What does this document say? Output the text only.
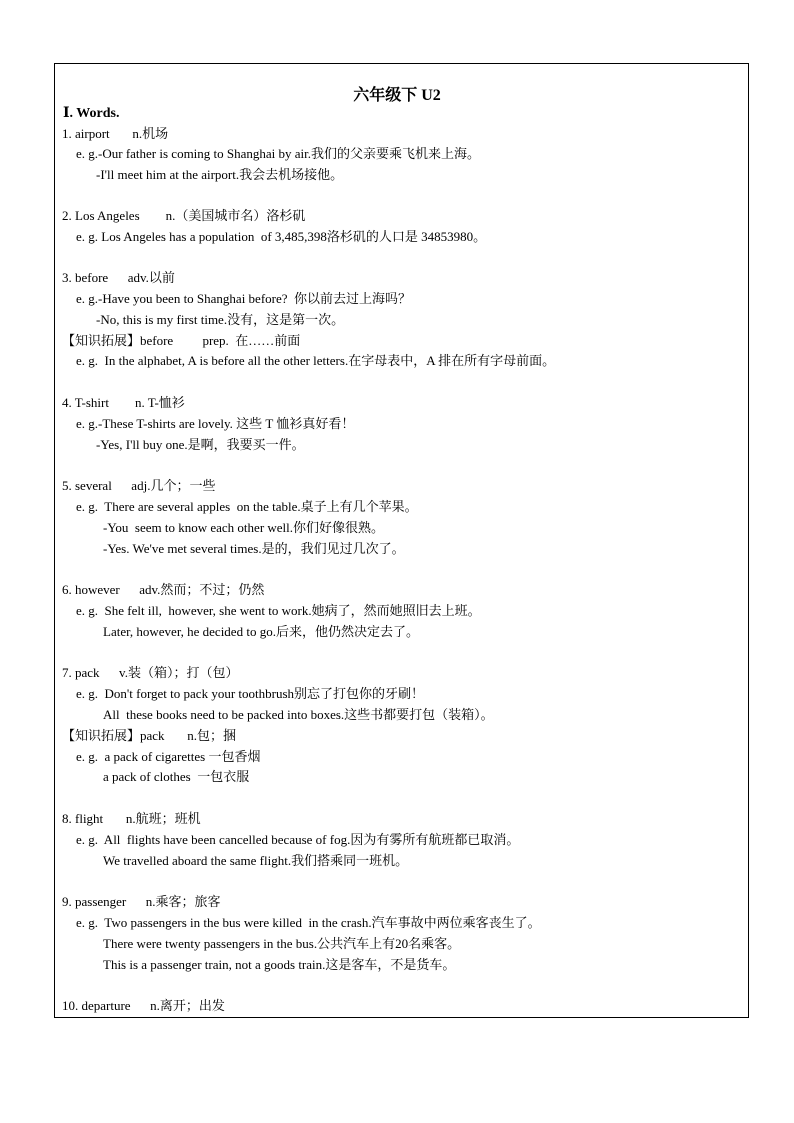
六年级下 U2
Ⅰ. Words.
1. airport       n.机场
e. g.-Our father is coming to Shanghai by air.我们的父亲要乘飞机来上海。
-I'll meet him at the airport.我会去机场接他。
2. Los Angeles        n.（美国城市名）洛杉矶
e. g. Los Angeles has a population  of 3,485,398洛杉矶的人口是 34853980。
3. before      adv.以前
e. g.-Have you been to Shanghai before?  你以前去过上海吗？
-No, this is my first time.没有，这是第一次。
【知识拓展】before         prep.  在……前面
e. g.  In the alphabet, A is before all the other letters.在字母表中，A 排在所有字母前面。
4. T-shirt        n. T-恤衫
e. g.-These T-shirts are lovely. 这些 T 恤衫真好看！
-Yes, I'll buy one.是啊，我要买一件。
5. several      adj.几个；一些
e. g.  There are several apples  on the table.桌子上有几个苹果。
-You  seem to know each other well.你们好像很熟。
-Yes. We've met several times.是的，我们见过几次了。
6. however      adv.然而；不过；仍然
e. g.  She felt ill,  however, she went to work.她病了，然而她照旧去上班。
Later, however, he decided to go.后来，他仍然决定去了。
7. pack      v.装（箱）；打（包）
e. g.  Don't forget to pack your toothbrush别忘了打包你的牙刷！
All  these books need to be packed into boxes.这些书都要打包（装箱）。
【知识拓展】pack       n.包；捆
e. g.  a pack of cigarettes 一包香烟
a pack of clothes  一包衣服
8. flight       n.航班；班机
e. g.  All  flights have been cancelled because of fog.因为有雾所有航班都已取消。
We travelled aboard the same flight.我们搭乘同一班机。
9. passenger      n.乘客；旅客
e. g.  Two passengers in the bus were killed  in the crash.汽车事故中两位乘客丧生了。
There were twenty passengers in the bus.公共汽车上有20名乘客。
This is a passenger train, not a goods train.这是客车，不是货车。
10. departure      n.离开；出发
